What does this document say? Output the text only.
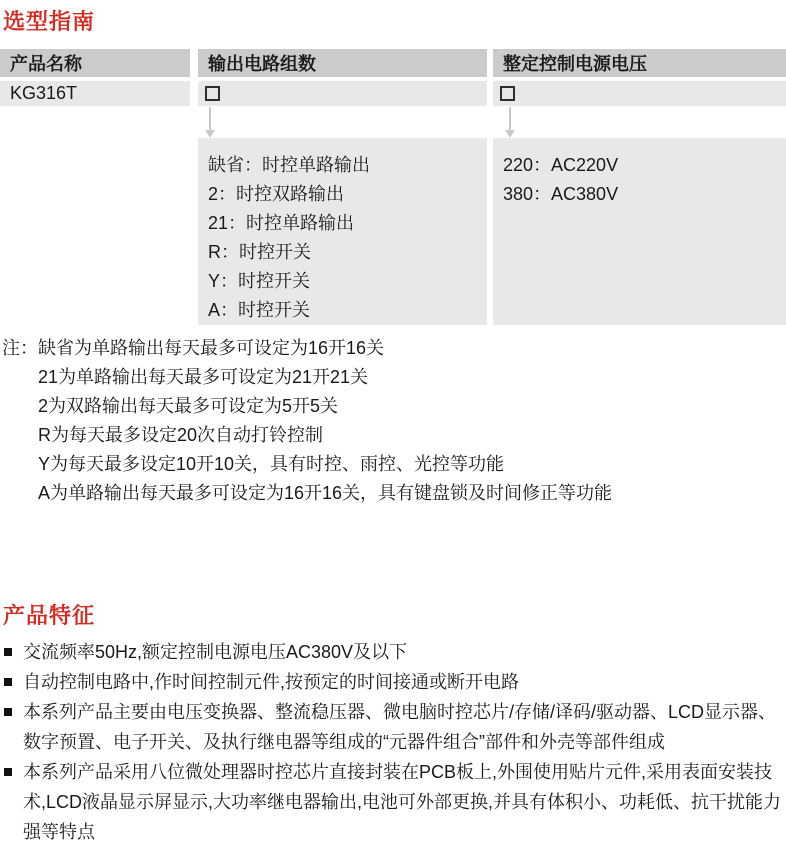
选型指南
产品名称	输出电路组数	整定控制电源电压
KG316T
缺省：时控单路输出
2：时控双路输出
21：时控单路输出
R：时控开关
Y：时控开关
A：时控开关
220：AC220V
380：AC380V
注：缺省为单路输出每天最多可设定为16开16关
21为单路输出每天最多可设定为21开21关
2为双路输出每天最多可设定为5开5关
R为每天最多设定20次自动打铃控制
Y为每天最多设定10开10关，具有时控、雨控、光控等功能
A为单路输出每天最多可设定为16开16关，具有键盘锁及时间修正等功能
产品特征
交流频率50Hz,额定控制电源电压AC380V及以下
自动控制电路中,作时间控制元件,按预定的时间接通或断开电路
本系列产品主要由电压变换器、整流稳压器、微电脑时控芯片/存储/译码/驱动器、LCD显示器、数字预置、电子开关、及执行继电器等组成的“元器件组合”部件和外壳等部件组成
本系列产品采用八位微处理器时控芯片直接封装在PCB板上,外围使用贴片元件,采用表面安装技术,LCD液晶显示屏显示,大功率继电器输出,电池可外部更换,并具有体积小、功耗低、抗干扰能力强等特点
